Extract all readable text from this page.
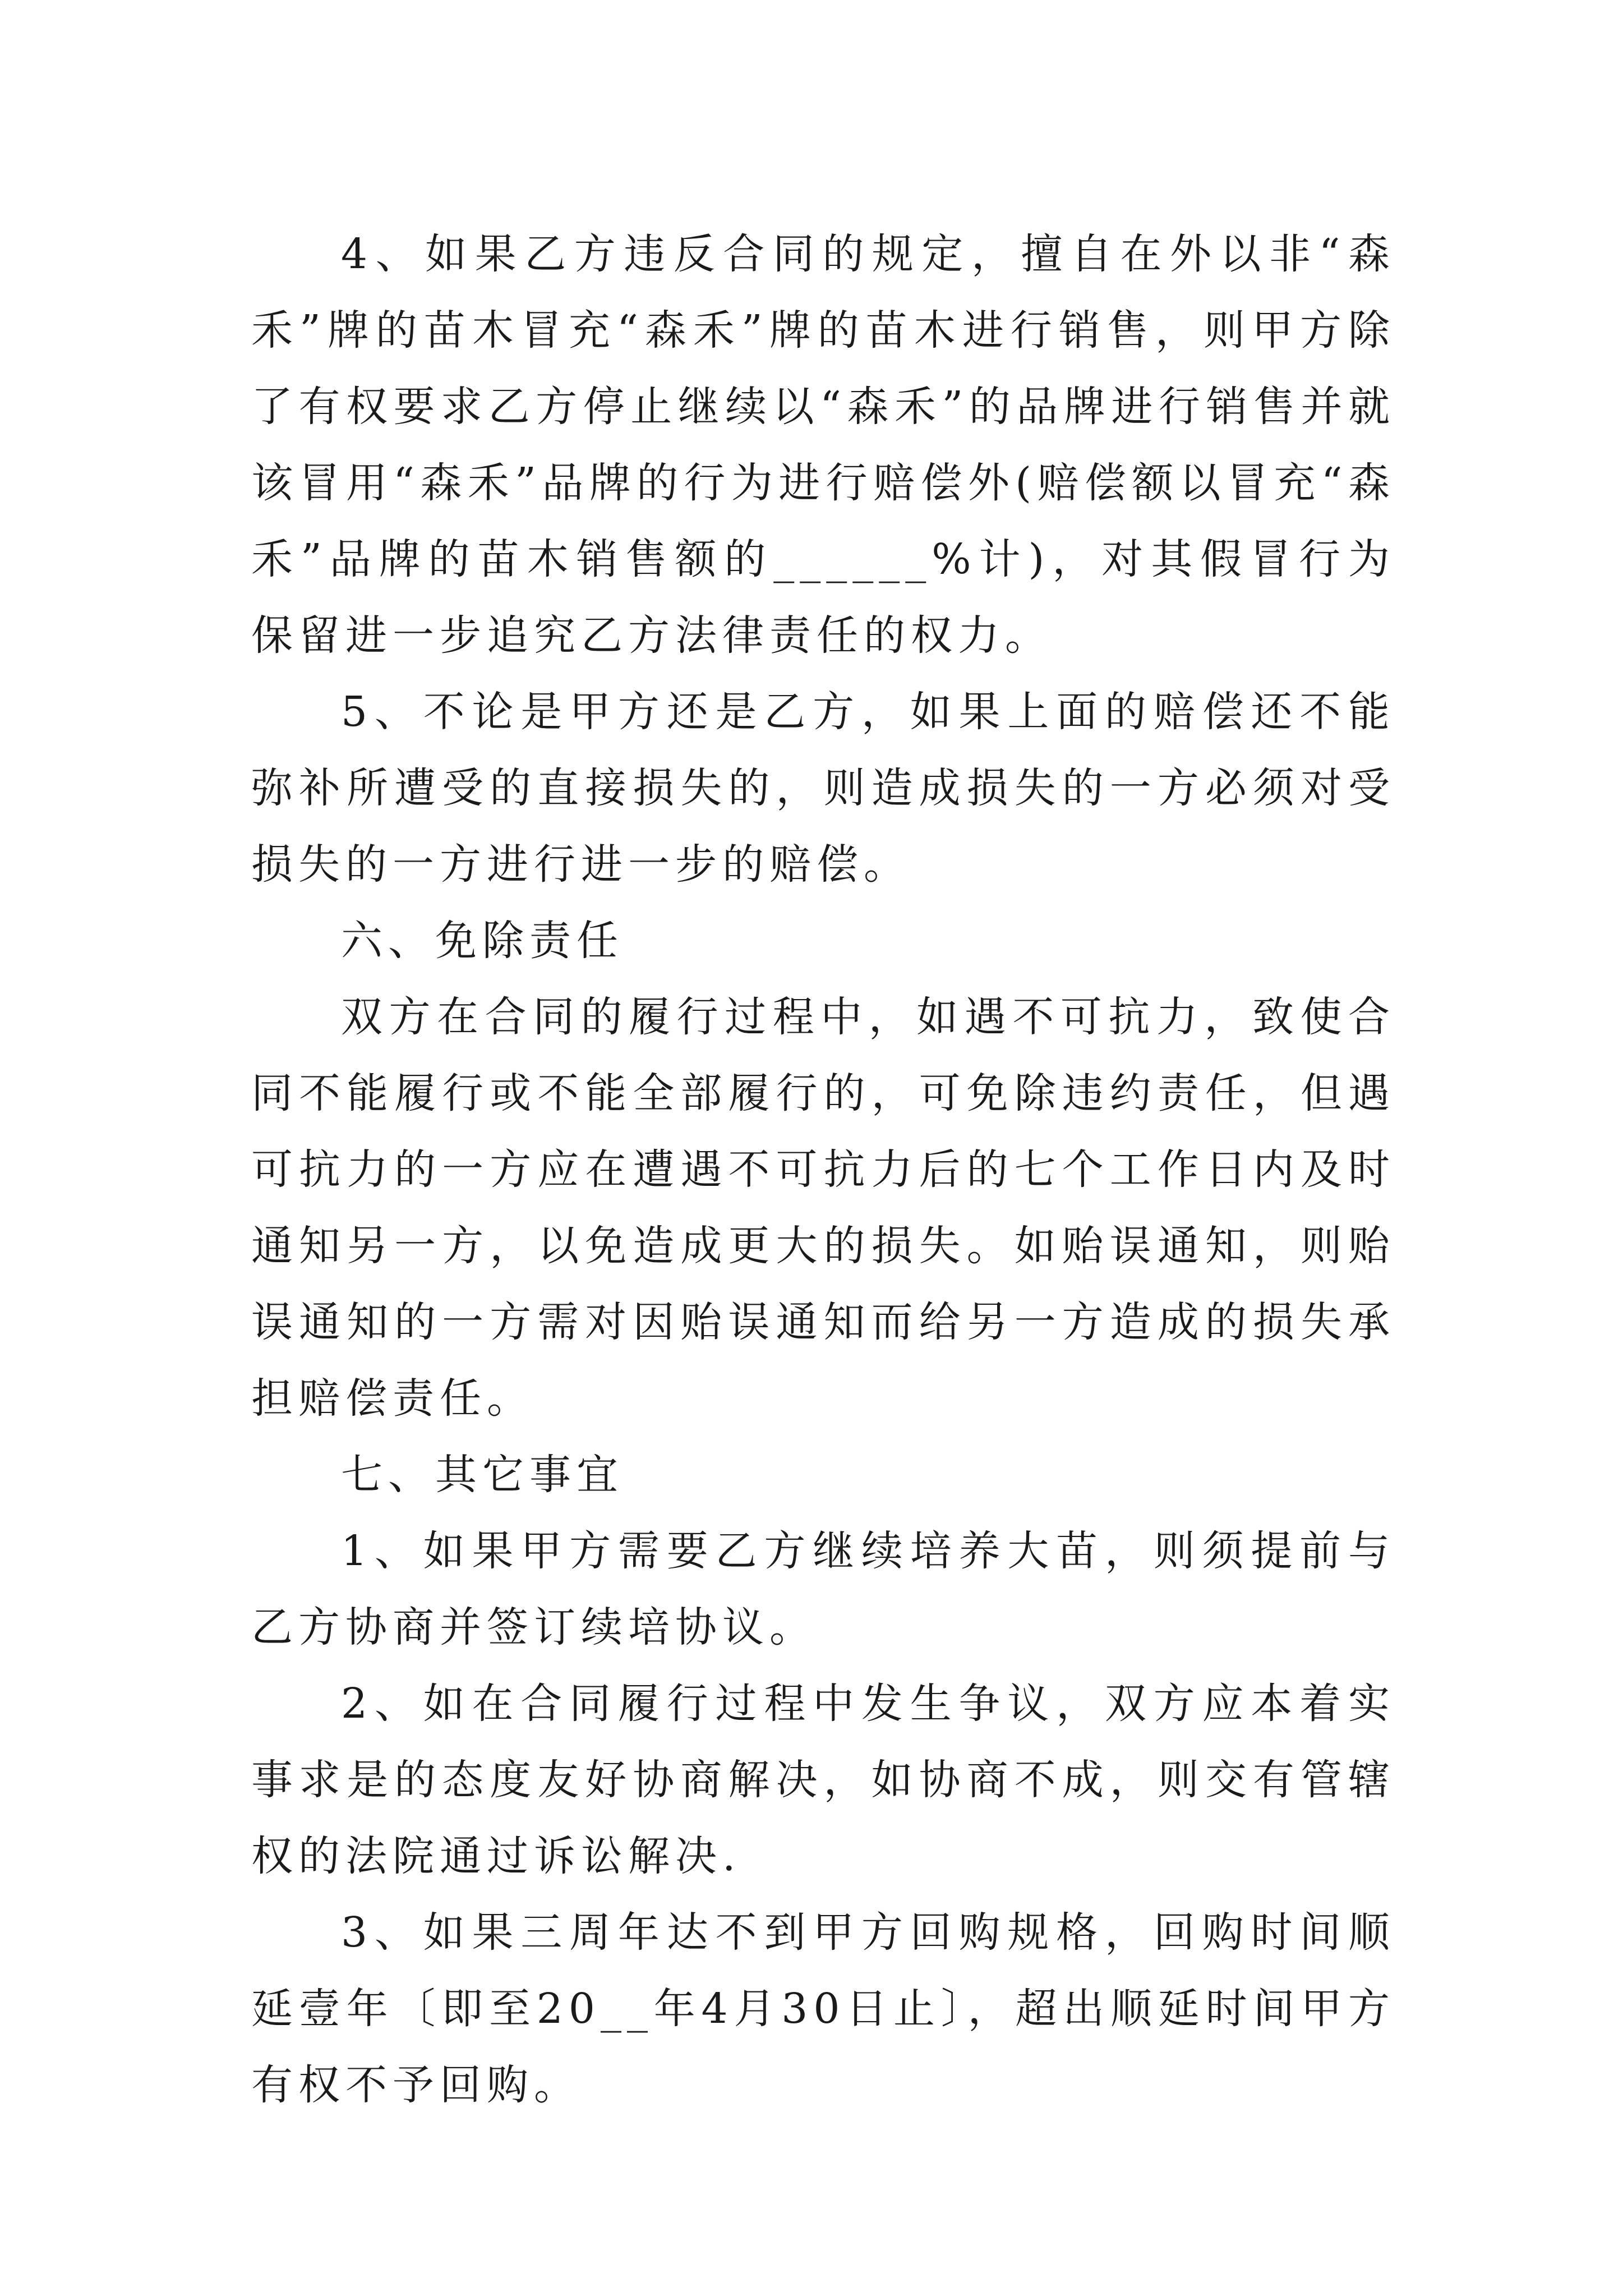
4、如果乙方违反合同的规定，擅自在外以非“森禾”牌的苗木冒充“森禾”牌的苗木进行销售，则甲方除了有权要求乙方停止继续以“森禾”的品牌进行销售并就该冒用“森禾”品牌的行为进行赔偿外(赔偿额以冒充“森禾”品牌的苗木销售额的______%计)，对其假冒行为保留进一步追究乙方法律责任的权力。

5、不论是甲方还是乙方，如果上面的赔偿还不能弥补所遭受的直接损失的，则造成损失的一方必须对受损失的一方进行进一步的赔偿。

六、免除责任

双方在合同的履行过程中，如遇不可抗力，致使合同不能履行或不能全部履行的，可免除违约责任，但遇可抗力的一方应在遭遇不可抗力后的七个工作日内及时通知另一方，以免造成更大的损失。如贻误通知，则贻误通知的一方需对因贻误通知而给另一方造成的损失承担赔偿责任。

七、其它事宜

1、如果甲方需要乙方继续培养大苗，则须提前与乙方协商并签订续培协议。

2、如在合同履行过程中发生争议，双方应本着实事求是的态度友好协商解决，如协商不成，则交有管辖权的法院通过诉讼解决.

3、如果三周年达不到甲方回购规格，回购时间顺延壹年〔即至20__年4月30日止〕，超出顺延时间甲方有权不予回购。
